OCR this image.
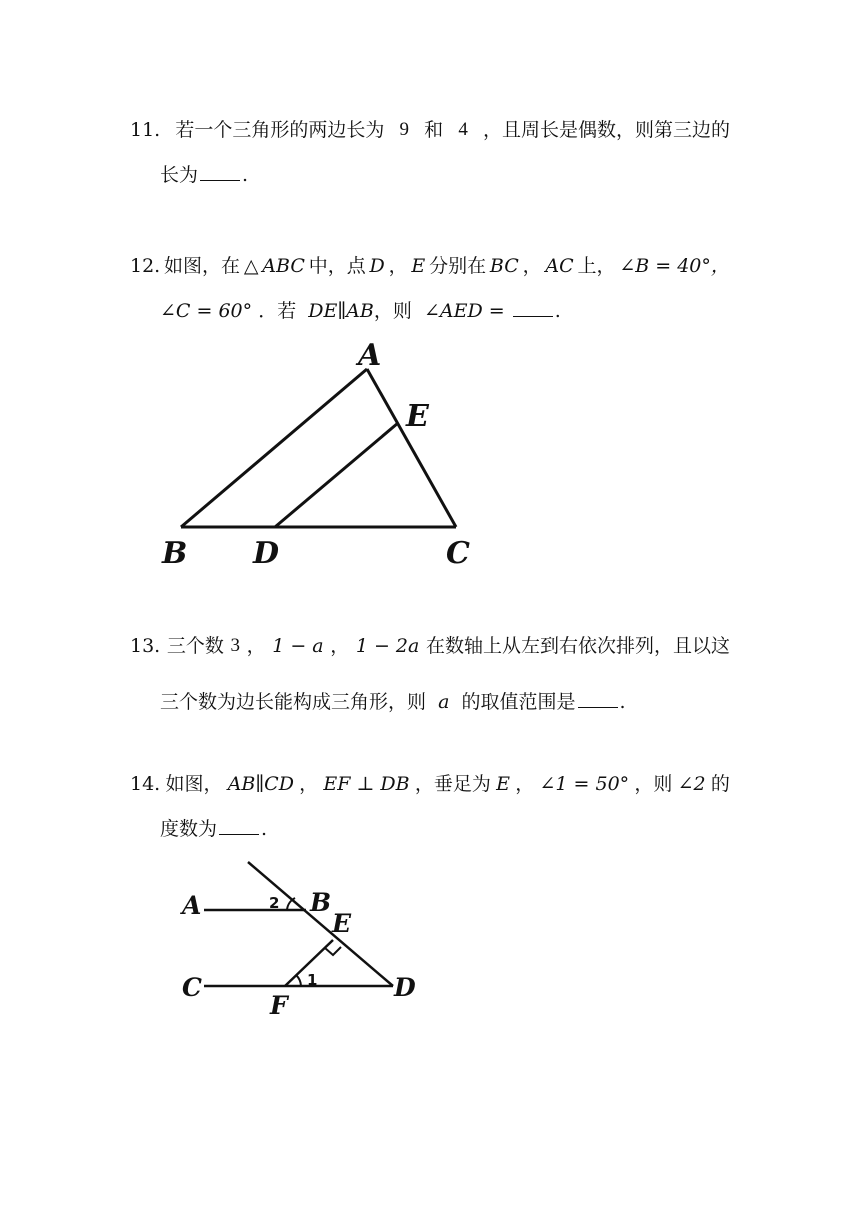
11. 若一个三角形的两边长为 9 和 4 ，且周长是偶数，则第三边的
长为 .
12. 如图，在 △ ABC 中，点 D ， E 分别在 BC ， AC 上， ∠B = 40°，
∠C = 60° ．若 DE∥AB，则 ∠AED =	.
A
E
B D	C
13. 三个数 3 ， 1 − a ， 1 − 2a 在数轴上从左到右依次排列，且以这
三个数为边长能构成三角形，则 a 的取值范围是 .
14. 如图， AB∥CD ， EF ⊥ DB ，垂足为 E ， ∠1 = 50° ，则 ∠2 的
度数为 .
A	2 B
E
C	1	D
F
